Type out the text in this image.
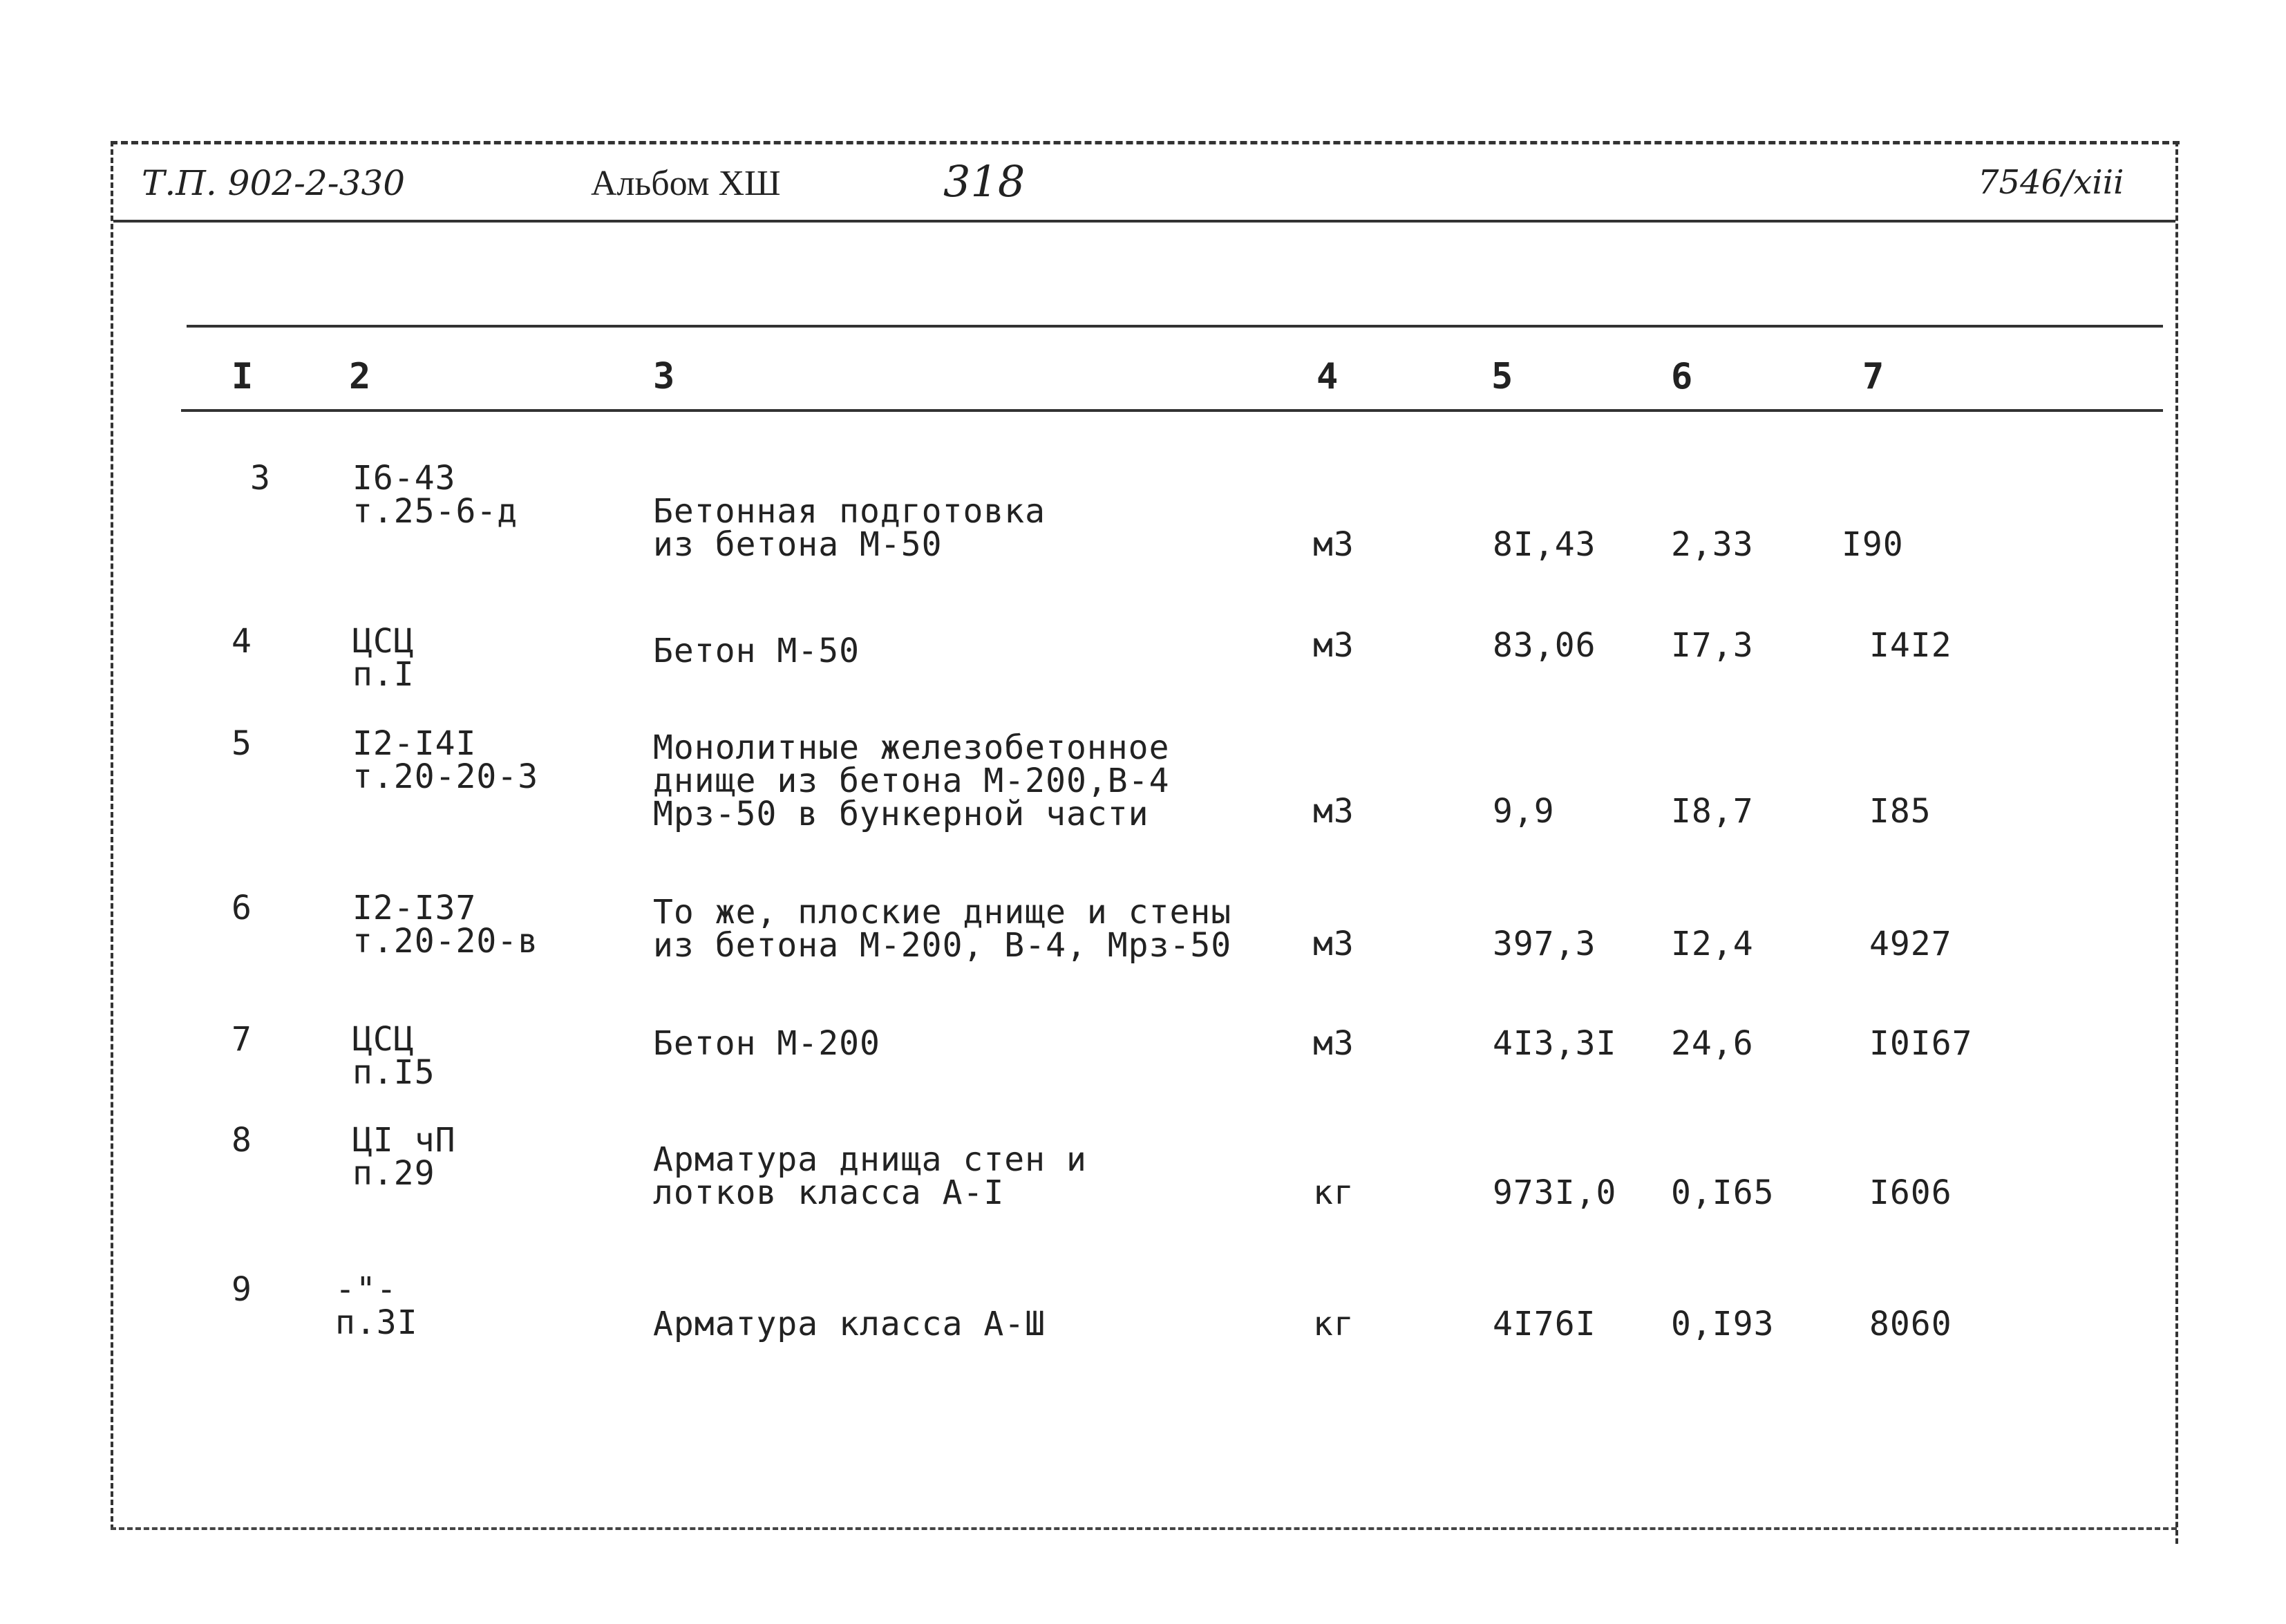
Т.П. 902-2-330	Альбом ХШ	318	7546/xiii
I	2	3	4	5	6	7
3 I6-43
т.25-6-д	Бетонная подготовка
из бетона М-50	м3	8I,43 2,33	I90
4	ЦСЦ
п.I
Бетон М-50	м3	83,06 I7,3	I4I2
5	I2-I4I
т.20-20-3
Монолитные железобетонное
днище из бетона М-200,В-4
Мрз-50 в бункерной части	м3	9,9	I8,7	I85
6	I2-I37
т.20-20-в
То же, плоские днище и стены
из бетона М-200, В-4, Мрз-50 м3	397,3 I2,4	4927
7	ЦСЦ
п.I5
Бетон М-200	м3	4I3,3I 24,6	I0I67
8	ЦI чП
п.29	Арматура днища стен и
лотков класса А-I	кг	973I,0 0,I65	I606
9	-"-
п.3I	Арматура класса А-Ш	кг	4I76I 0,I93	8060
